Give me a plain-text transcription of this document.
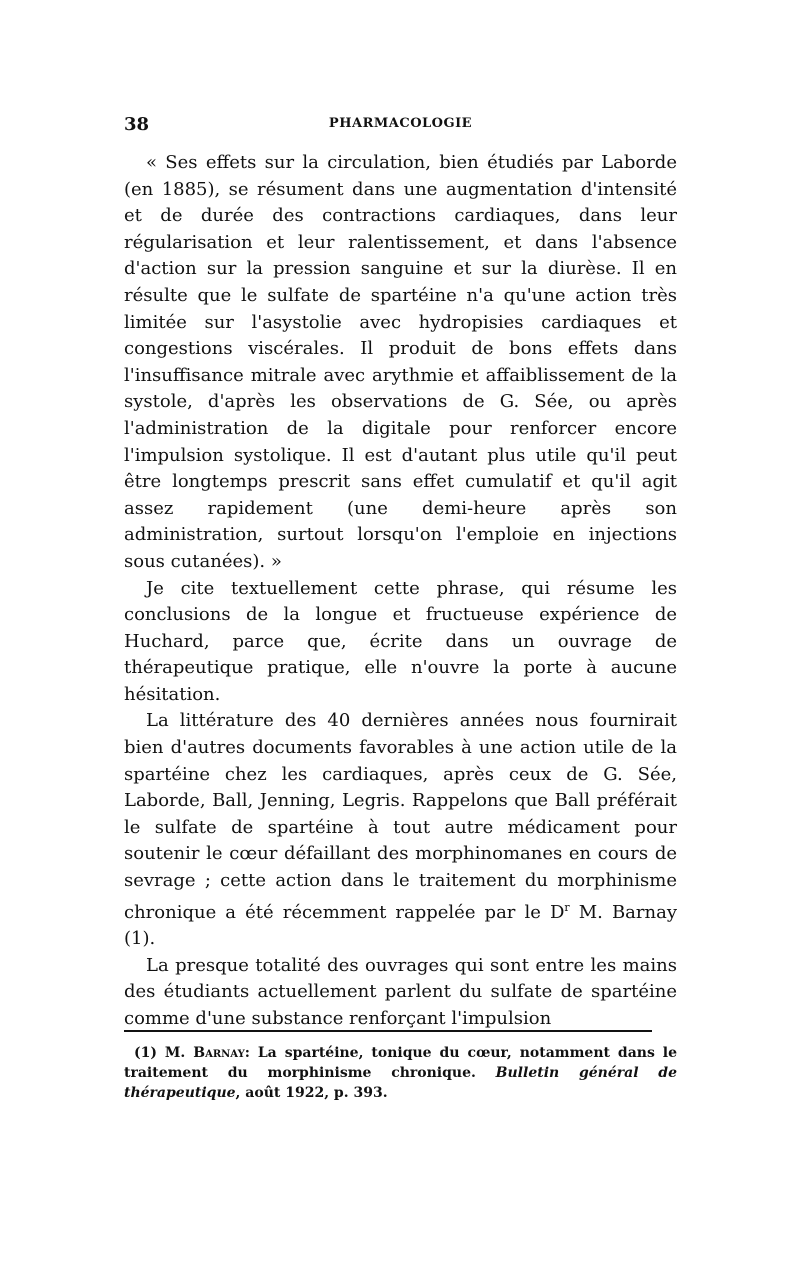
38	PHARMACOLOGIE

« Ses effets sur la circulation, bien étudiés par Laborde (en 1885), se résument dans une augmentation d'intensité et de durée des contractions cardiaques, dans leur régularisation et leur ralentissement, et dans l'absence d'action sur la pression sanguine et sur la diurèse. Il en résulte que le sulfate de spartéine n'a qu'une action très limitée sur l'asystolie avec hydropisies cardiaques et congestions viscérales. Il produit de bons effets dans l'insuffisance mitrale avec arythmie et affaiblissement de la systole, d'après les observations de G. Sée, ou après l'administration de la digitale pour renforcer encore l'impulsion systolique. Il est d'autant plus utile qu'il peut être longtemps prescrit sans effet cumulatif et qu'il agit assez rapidement (une demi-heure après son administration, surtout lorsqu'on l'emploie en injections sous cutanées). »

Je cite textuellement cette phrase, qui résume les conclusions de la longue et fructueuse expérience de Huchard, parce que, écrite dans un ouvrage de thérapeutique pratique, elle n'ouvre la porte à aucune hésitation.

La littérature des 40 dernières années nous fournirait bien d'autres documents favorables à une action utile de la spartéine chez les cardiaques, après ceux de G. Sée, Laborde, Ball, Jenning, Legris. Rappelons que Ball préférait le sulfate de spartéine à tout autre médicament pour soutenir le cœur défaillant des morphinomanes en cours de sevrage ; cette action dans le traitement du morphinisme chronique a été récemment rappelée par le $D^r$ M. Barnay (1).

La presque totalité des ouvrages qui sont entre les mains des étudiants actuellement parlent du sulfate de spartéine comme d'une substance renforçant l'impulsion

(1) M. Barnay: La spartéine, tonique du cœur, notamment dans le traitement du morphinisme chronique. Bulletin général de thérapeutique, août 1922, p. 393.
